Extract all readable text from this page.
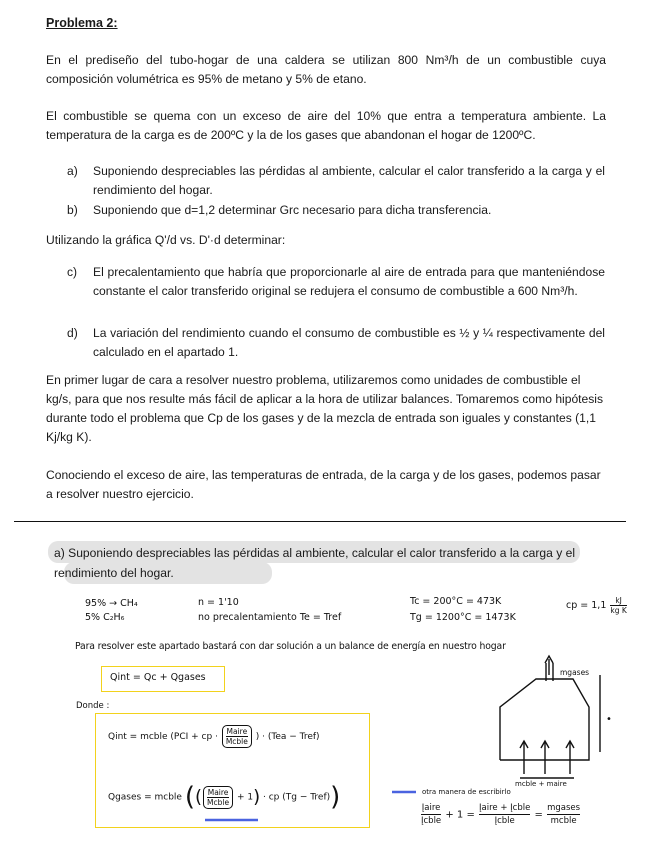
Problema 2:

En el prediseño del tubo-hogar de una caldera se utilizan 800 Nm³/h de un combustible cuya composición volumétrica es 95% de metano y 5% de etano.

El combustible se quema con un exceso de aire del 10% que entra a temperatura ambiente. La temperatura de la carga es de 200ºC y la de los gases que abandonan el hogar de 1200ºC.

a) Suponiendo despreciables las pérdidas al ambiente, calcular el calor transferido a la carga y el rendimiento del hogar.
b) Suponiendo que d=1,2 determinar Grc necesario para dicha transferencia.

Utilizando la gráfica Q'/d vs. D'·d determinar:

c) El precalentamiento que habría que proporcionarle al aire de entrada para que manteniéndose constante el calor transferido original se redujera el consumo de combustible a 600 Nm³/h.
d) La variación del rendimiento cuando el consumo de combustible es ½ y ¼ respectivamente del calculado en el apartado 1.

En primer lugar de cara a resolver nuestro problema, utilizaremos como unidades de combustible el kg/s, para que nos resulte más fácil de aplicar a la hora de utilizar balances. Tomaremos como hipótesis durante todo el problema que Cp de los gases y de la mezcla de entrada son iguales y constantes (1,1 Kj/kg K).

Conociendo el exceso de aire, las temperaturas de entrada, de la carga y de los gases, podemos pasar a resolver nuestro ejercicio.

a) Suponiendo despreciables las pérdidas al ambiente, calcular el calor transferido a la carga y el rendimiento del hogar.
95% → CH₄
5% C₂H₆
n = 1'10
no precalentamiento Te = Tref
Tc = 200°C = 473K
Tg = 1200°C = 1473K
cp = $1,1 \frac{kJ}{\text{kg K}}$
Para resolver este apartado bastará con dar solución a un balance de energía en nuestro hogar
Qint = Qc + Qgases
Donde :
Qint = mcble (PCI + cp · $\frac{\text{Maire}}{\text{Mcble}}$ ) · (Tea − Tref)
Qgases = mcble (( $\frac{\text{Maire}}{\text{Mcble}} + 1$) · cp (Tg − Tref))
mgases
mcble + maire
•
otra manera de escribirlo
$\frac{\text{Įaire}}{\text{Įcble}} + 1 = \frac{\text{Įaire + Įcble}}{\text{Įcble}} = \frac{\text{mgases}}{\text{mcble}}$
